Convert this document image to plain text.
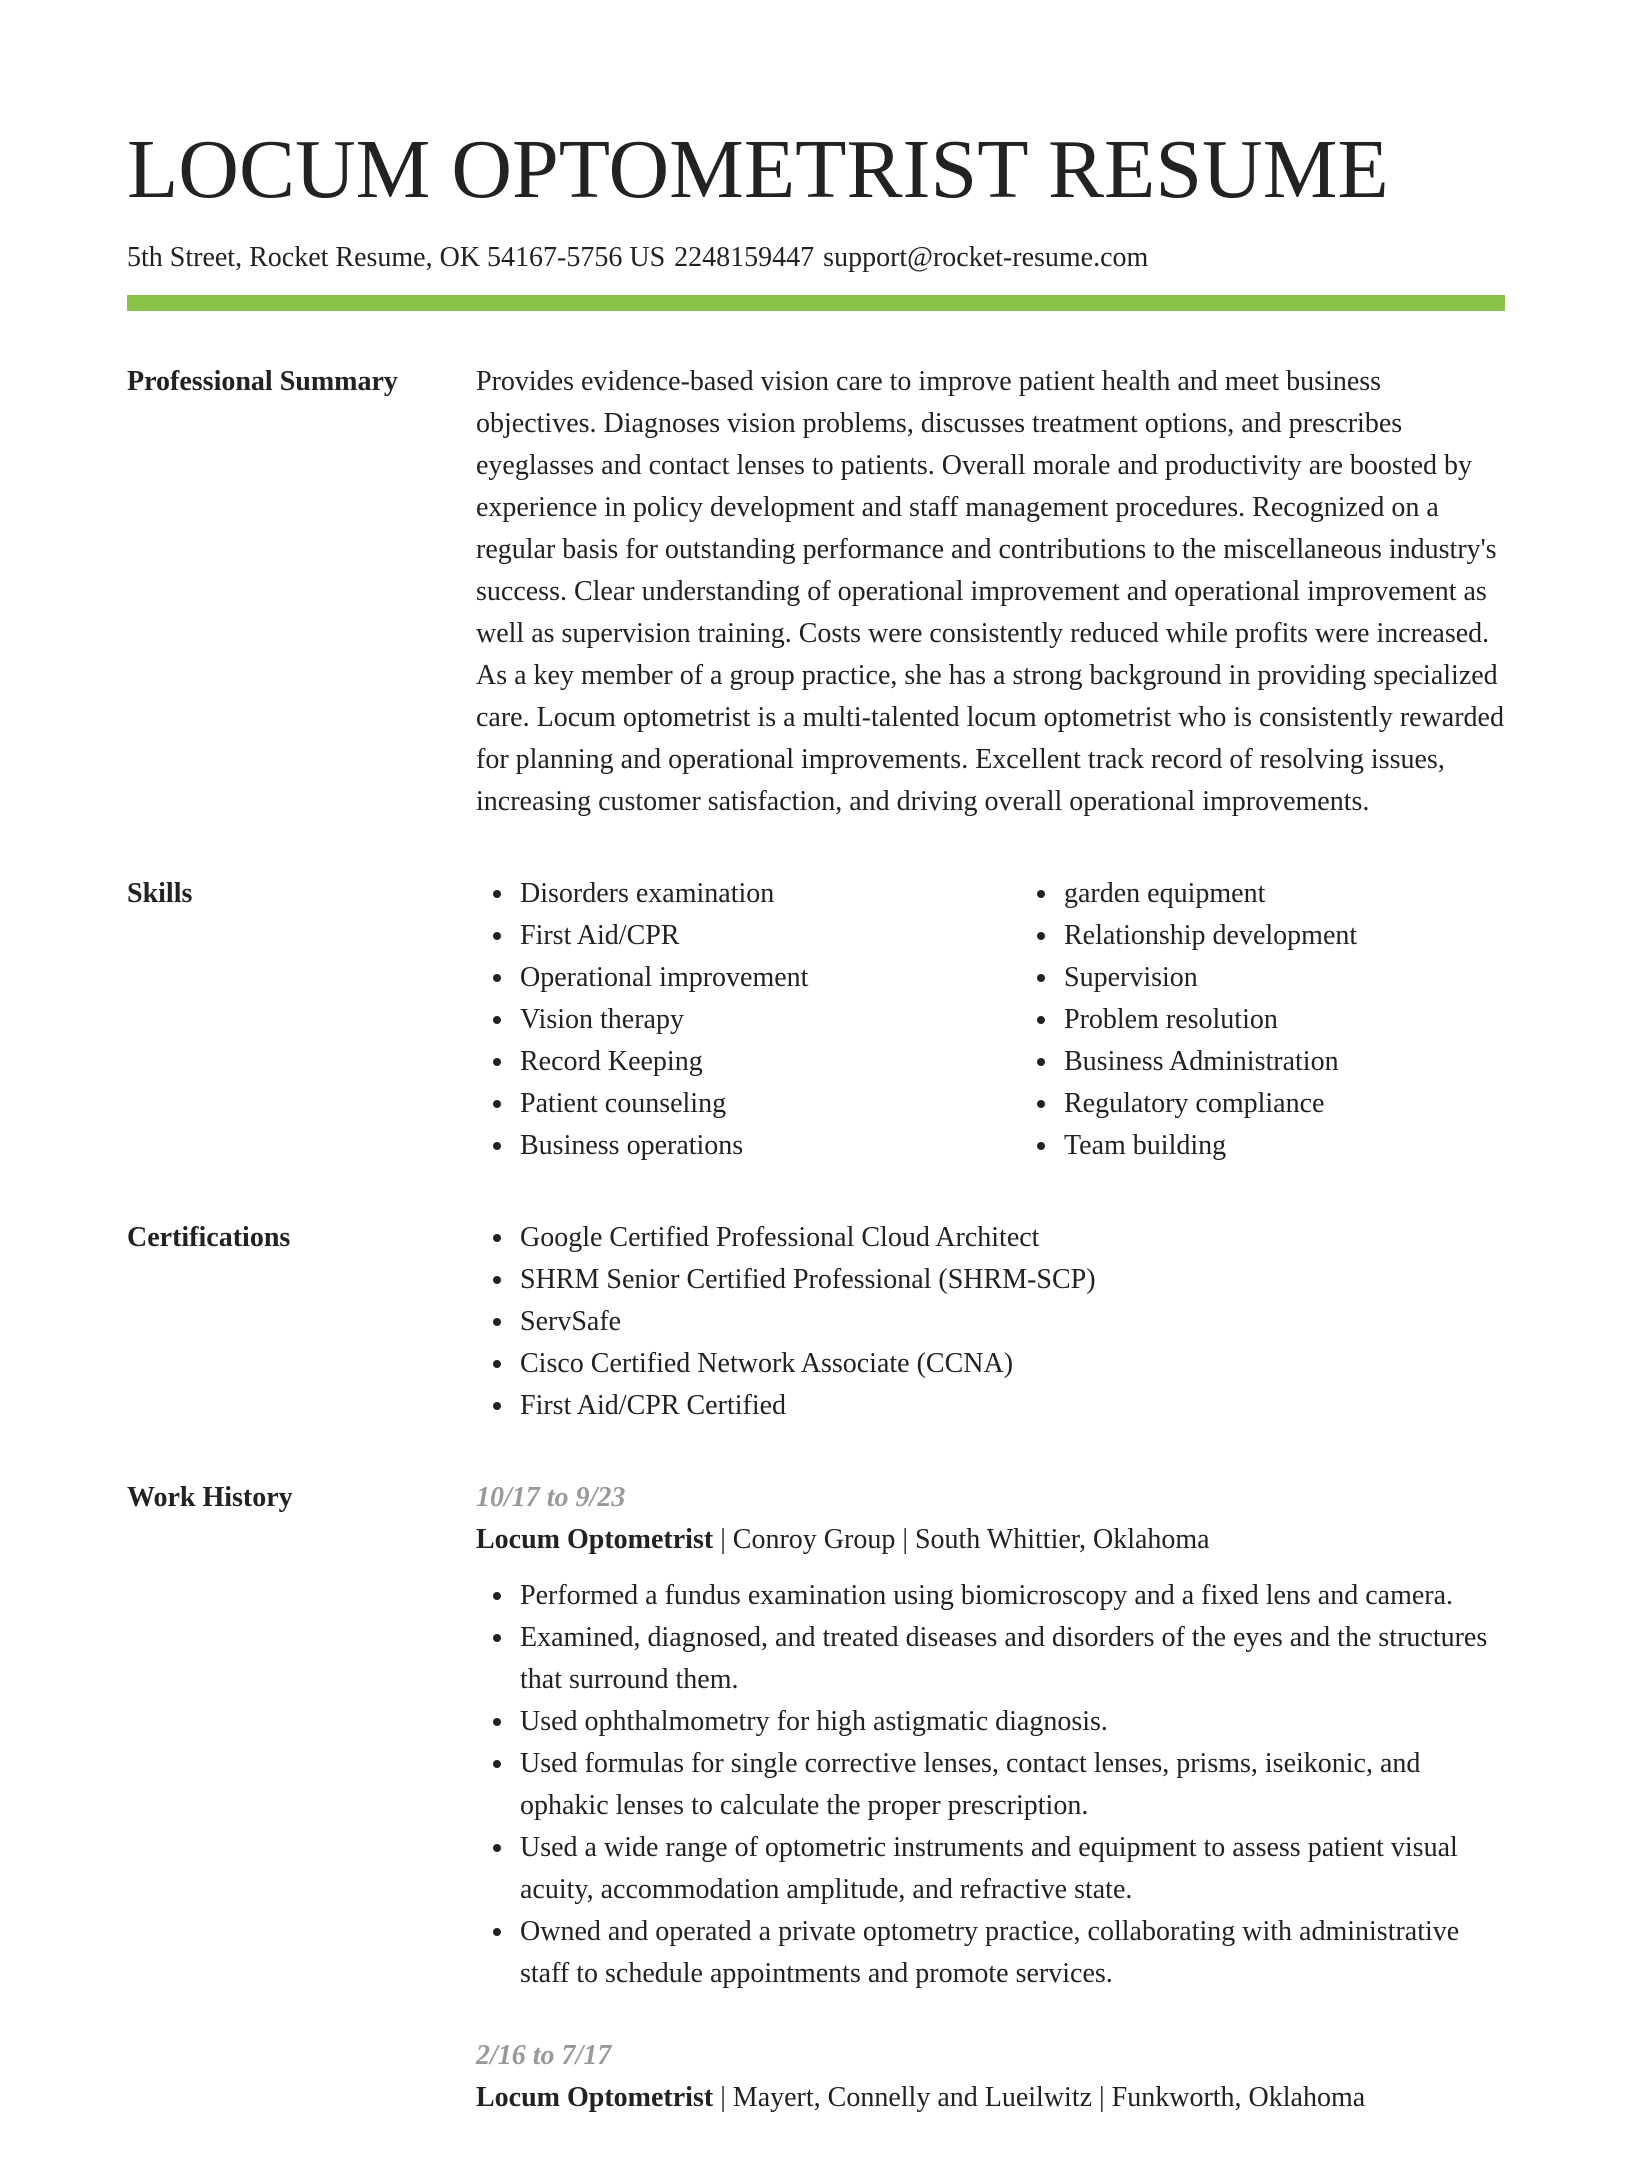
LOCUM OPTOMETRIST RESUME
5th Street, Rocket Resume, OK 54167-5756 US 2248159447 support@rocket-resume.com
Professional Summary	Provides evidence-based vision care to improve patient health and meet business objectives. Diagnoses vision problems, discusses treatment options, and prescribes eyeglasses and contact lenses to patients. Overall morale and productivity are boosted by experience in policy development and staff management procedures. Recognized on a regular basis for outstanding performance and contributions to the miscellaneous industry's success. Clear understanding of operational improvement and operational improvement as well as supervision training. Costs were consistently reduced while profits were increased. As a key member of a group practice, she has a strong background in providing specialized care. Locum optometrist is a multi-talented locum optometrist who is consistently rewarded for planning and operational improvements. Excellent track record of resolving issues, increasing customer satisfaction, and driving overall operational improvements.

Skills	Disorders examination
First Aid/CPR
Operational improvement
Vision therapy
Record Keeping
Patient counseling
Business operations
garden equipment
Relationship development
Supervision
Problem resolution
Business Administration
Regulatory compliance
Team building
Certifications	Google Certified Professional Cloud Architect
SHRM Senior Certified Professional (SHRM-SCP)
ServSafe
Cisco Certified Network Associate (CCNA)
First Aid/CPR Certified
Work History	10/17 to 9/23
Locum Optometrist | Conroy Group | South Whittier, Oklahoma
Performed a fundus examination using biomicroscopy and a fixed lens and camera.
Examined, diagnosed, and treated diseases and disorders of the eyes and the structures that surround them.
Used ophthalmometry for high astigmatic diagnosis.
Used formulas for single corrective lenses, contact lenses, prisms, iseikonic, and ophakic lenses to calculate the proper prescription.
Used a wide range of optometric instruments and equipment to assess patient visual acuity, accommodation amplitude, and refractive state.
Owned and operated a private optometry practice, collaborating with administrative staff to schedule appointments and promote services.
2/16 to 7/17
Locum Optometrist | Mayert, Connelly and Lueilwitz | Funkworth, Oklahoma
